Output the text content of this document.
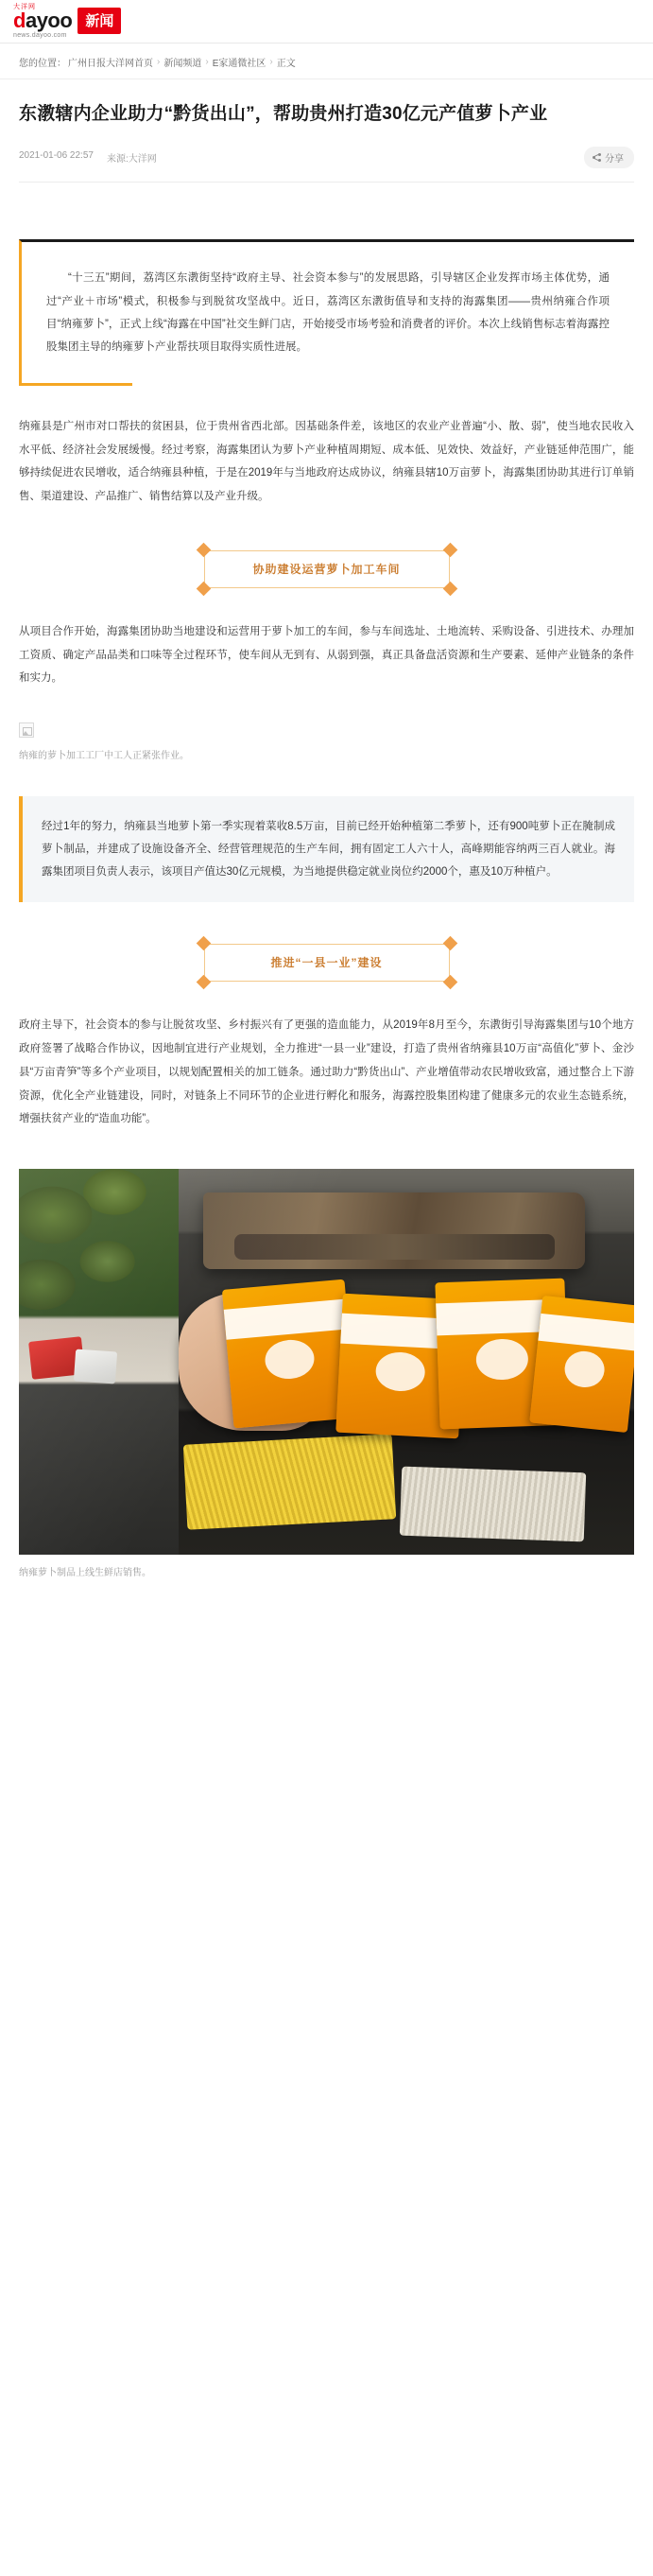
大洋网
dayoo
news.dayoo.com
新闻
您的位置： 广州日报大洋网首页 › 新闻频道 › E家通微社区 › 正文
东漖辖内企业助力“黔货出山”，帮助贵州打造30亿元产值萝卜产业
2021-01-06 22:57 来源:大洋网	分享
“十三五”期间，荔湾区东漖街坚持“政府主导、社会资本参与”的发展思路，引导辖区企业发挥市场主体优势，通过“产业＋市场”模式，积极参与到脱贫攻坚战中。近日，荔湾区东漖街值导和支持的海露集团——贵州纳雍合作项目“纳雍萝卜”，正式上线“海露在中国”社交生鲜门店，开始接受市场考验和消费者的评价。本次上线销售标志着海露控股集团主导的纳雍萝卜产业帮扶项目取得实质性进展。

纳雍县是广州市对口帮扶的贫困县，位于贵州省西北部。因基础条件差，该地区的农业产业普遍“小、散、弱”，使当地农民收入水平低、经济社会发展缓慢。经过考察，海露集团认为萝卜产业种植周期短、成本低、见效快、效益好，产业链延伸范围广，能够持续促进农民增收，适合纳雍县种植，于是在2019年与当地政府达成协议，纳雍县辖10万亩萝卜，海露集团协助其进行订单销售、渠道建设、产品推广、销售结算以及产业升级。

协助建设运营萝卜加工车间

从项目合作开始，海露集团协助当地建设和运营用于萝卜加工的车间，参与车间选址、土地流转、采购设备、引进技术、办理加工资质、确定产品品类和口味等全过程环节，使车间从无到有、从弱到强，真正具备盘活资源和生产要素、延伸产业链条的条件和实力。

纳雍的萝卜加工工厂中工人正紧张作业。
经过1年的努力，纳雍县当地萝卜第一季实现着菜收8.5万亩，目前已经开始种植第二季萝卜，还有900吨萝卜正在腌制成萝卜制品，并建成了设施设备齐全、经营管理规范的生产车间，拥有固定工人六十人，高峰期能容纳两三百人就业。海露集团项目负责人表示，该项目产值达30亿元规模，为当地提供稳定就业岗位约2000个，惠及10万种植户。
推进“一县一业”建设

政府主导下，社会资本的参与让脱贫攻坚、乡村振兴有了更强的造血能力，从2019年8月至今，东漖街引导海露集团与10个地方政府签署了战略合作协议，因地制宜进行产业规划，全力推进“一县一业”建设，打造了贵州省纳雍县10万亩“高值化”萝卜、金沙县“万亩青笋”等多个产业项目，以规划配置相关的加工链条。通过助力“黔货出山”、产业增值带动农民增收致富，通过整合上下游资源，优化全产业链建设，同时，对链条上不同环节的企业进行孵化和服务，海露控股集团构建了健康多元的农业生态链系统，增强扶贫产业的“造血功能”。

纳雍萝卜制品上线生鲜店销售。
